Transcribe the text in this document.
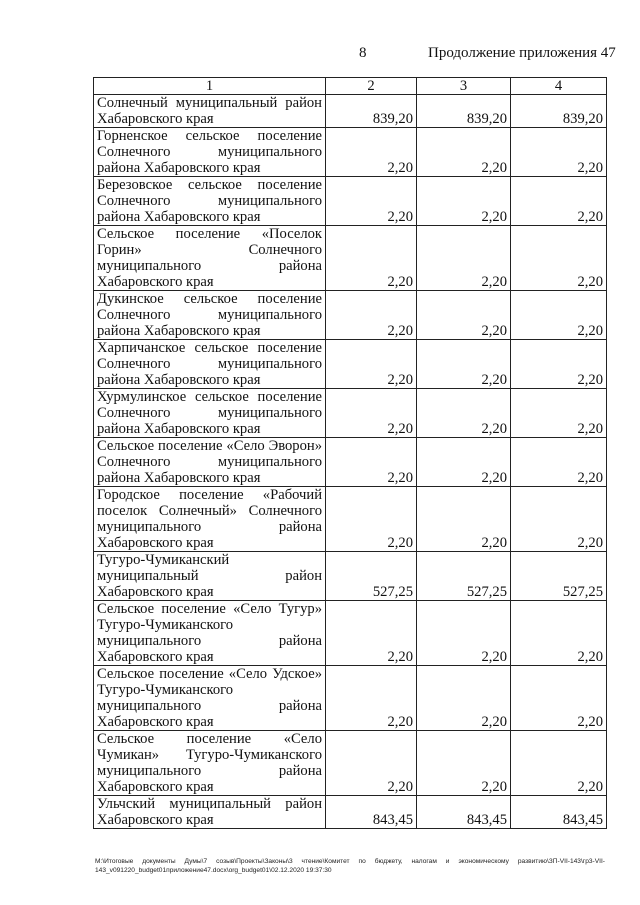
8	Продолжение приложения 47
1	2	3	4
Солнечный муниципальный район Хабаровского края	839,20	839,20	839,20
Горненское сельское поселение Солнечного муниципального района Хабаровского края	2,20	2,20	2,20
Березовское сельское поселение Солнечного муниципального района Хабаровского края	2,20	2,20	2,20
Сельское поселение «Поселок Горин» Солнечного муниципального района Хабаровского края	2,20	2,20	2,20
Дукинское сельское поселение Солнечного муниципального района Хабаровского края	2,20	2,20	2,20
Харпичанское сельское поселение Солнечного муниципального района Хабаровского края	2,20	2,20	2,20
Хурмулинское сельское поселение Солнечного муниципального района Хабаровского края	2,20	2,20	2,20
Сельское поселение «Село Эворон» Солнечного муниципального района Хабаровского края	2,20	2,20	2,20
Городское поселение «Рабочий поселок Солнечный» Солнечного муниципального района Хабаровского края	2,20	2,20	2,20
Тугуро-Чумиканский муниципальный район Хабаровского края	527,25	527,25	527,25
Сельское поселение «Село Тугур» Тугуро-Чумиканского муниципального района Хабаровского края	2,20	2,20	2,20
Сельское поселение «Село Удское» Тугуро-Чумиканского муниципального района Хабаровского края	2,20	2,20	2,20
Сельское поселение «Село Чумикан» Тугуро-Чумиканского муниципального района Хабаровского края	2,20	2,20	2,20
Ульчский муниципальный район Хабаровского края	843,45	843,45	843,45
М:\Итоговые документы Думы\7 созыв\Проекты\Законы\3 чтение\Комитет по бюджету, налогам и экономическому развитию\ЗП-VII-143\гр3-VII-143_v091220_budget01приложение47.docx\org_budget01\02.12.2020 19:37:30
